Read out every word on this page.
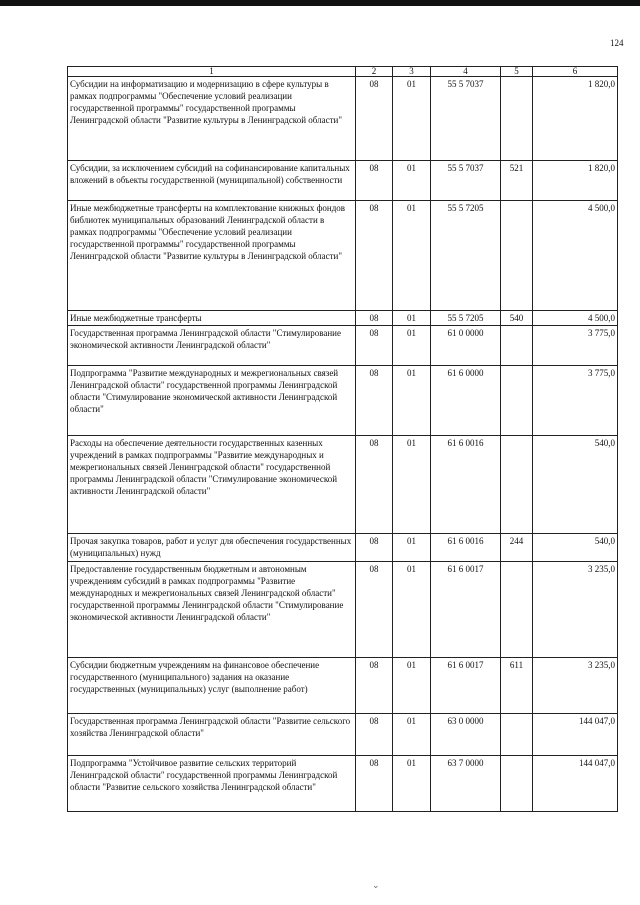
124
1	2	3	4	5	6
Субсидии на информатизацию и модернизацию в сфере культуры в рамках подпрограммы "Обеспечение условий реализации государственной программы" государственной программы Ленинградской области "Развитие культуры в Ленинградской области"	08	01	55 5 7037		1 820,0
Субсидии, за исключением субсидий на софинансирование капитальных вложений в объекты государственной (муниципальной) собственности	08	01	55 5 7037	521	1 820,0
Иные межбюджетные трансферты на комплектование книжных фондов библиотек муниципальных образований Ленинградской области в рамках подпрограммы "Обеспечение условий реализации государственной программы" государственной программы Ленинградской области "Развитие культуры в Ленинградской области"	08	01	55 5 7205		4 500,0
Иные межбюджетные трансферты	08	01	55 5 7205	540	4 500,0
Государственная программа Ленинградской области "Стимулирование экономической активности Ленинградской области"	08	01	61 0 0000		3 775,0
Подпрограмма "Развитие международных и межрегиональных связей Ленинградской области" государственной программы Ленинградской области "Стимулирование экономической активности Ленинградской области"	08	01	61 6 0000		3 775,0
Расходы на обеспечение деятельности государственных казенных учреждений в рамках подпрограммы "Развитие международных и межрегиональных связей Ленинградской области" государственной программы Ленинградской области "Стимулирование экономической активности Ленинградской области"	08	01	61 6 0016		540,0
Прочая закупка товаров, работ и услуг для обеспечения государственных (муниципальных) нужд	08	01	61 6 0016	244	540,0
Предоставление государственным бюджетным и автономным учреждениям субсидий в рамках подпрограммы "Развитие международных и межрегиональных связей Ленинградской области" государственной программы Ленинградской области "Стимулирование экономической активности Ленинградской области"	08	01	61 6 0017		3 235,0
Субсидии бюджетным учреждениям на финансовое обеспечение государственного (муниципального) задания на оказание государственных (муниципальных) услуг (выполнение работ)	08	01	61 6 0017	611	3 235,0
Государственная программа Ленинградской области "Развитие сельского хозяйства Ленинградской области"	08	01	63 0 0000		144 047,0
Подпрограмма "Устойчивое развитие сельских территорий Ленинградской области" государственной программы Ленинградской области "Развитие сельского хозяйства Ленинградской области"	08	01	63 7 0000		144 047,0
⌄
